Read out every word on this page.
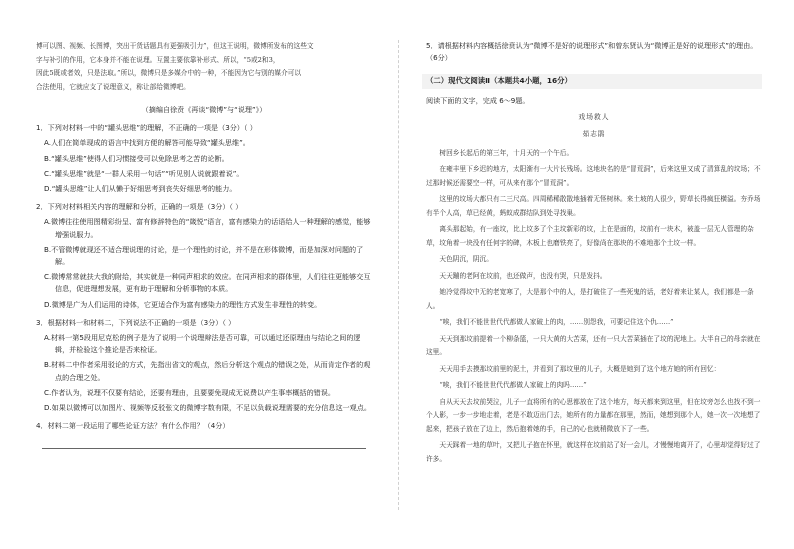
博可以图、视频、长图博，突出干货话题具有更强吸引力”，但这王说明，微博所发布的这些文

字与补引的作用，它本身并不能在说理。互置主要依靠补形式、所以，“5或2和3，

因此5既或者效，只是法取。”所以，微博只是多媒介中的一种，不能因为它与别的媒介可以

合法使用，它就应支了说理意义，称让部给微博吧。

（摘编自徐贲《再谈“微博”与“说理”》）

1．下列对材料一中的“罐头思维”的理解，不正确的一项是（3分）（ ）

A.人们在简单现成的语言中找到方便的解答可能导致“罐头思维”。

B.“罐头思维”使得人们习惯接受可以免除思考之苦的论断。

C.“罐头思维”就是“一群人采用一句话”“听见别人说就跟着说”。

D.“罐头思维”让人们从懒于好细思考到丧失好细思考的能力。

2．下列对材料相关内容的理解和分析，正确的一项是（3分）（ ）

A.微博往往使用图精彩纷呈、富有修辞特色的“箴悦”语言，富有感染力的话语给人一种理解的感觉，能够增强说服力。

B.不管微博就现还不适合理说理的讨论，是一个理性的讨论，并不是在形体微博，而是加深对问题的了解。

C.微博常常就扶大我的附给，其实就是一种同声相求的效应。在同声相求的群体里，人们往往更能够交互信息，促进理想发展，更有助于理解和分析事物的本质。

D.微博是广为人们运用的诗体，它更适合作为富有感染力的理性方式发生非理性的转变。

3．根据材料一和材料二，下列说法不正确的一项是（3分）（ ）

A.材料一第5段用尼克松的例子是为了说明一个说理辩法是否可靠，可以通过还原理由与结论之间的逻辑，并检验这个推论是否来检证。

B.材料二中作者采用驳论的方式，先指出省文的观点，然后分析这个观点的错误之处，从而肯定作者的观点的合理之处。

C.作者认为，说理不仅要有结论，还要有理由，且要要免现成无说费以产生事率概括的错误。

D.如果以微博可以加图片、视频等反驳张文的微博字数有限，不足以负载说理需要的充分信息这一观点。

4．材料二第一段运用了哪些论证方法？有什么作用？（4分）

5．请根据材料内容概括徐贲认为“微博不是好的说理形式”和曾东贤认为“微博正是好的说理形式”的理由。（6分）

（二）现代文阅读Ⅱ（本题共4小题，16分）

阅读下面的文字，完成 6～9题。

戏场救人

茹志鹃

树回乡长起后的第三年，十月天的一个午后。

在雍丰里下乡迟的地方，太阳渐有一大片长残场。这地块名的是“冒荒洞”，后来这里又成了清算乱的坟场；不过那时候还需要空一样，可从来有那个“冒荒洞”。

这里的坟场大都只有二三尺高。四周稀稀散散地插着无怪树林。来土坡的人很少，野草长得疯狂横溢。夯乔场有半个人高，草已经黄，蚂蚁成群结队到处寻找巢。

离头那起始，有一座坟，比上坟多了个主坟新彩的坟，上在是面的，坟前有一块木，被盖一层无人管理的杂草，坟角着一块没有任何字的碑，木板上也磨铁亮了，好像尚在那块的不难地那个土坟一样。

天色阴沉，阴沉。

天天蹦的老阿在坟前，也还做声，也没有哭，只是发抖。

她冷觉得坟中无的老宽寒了，大是那个中的人，是打破住了一些死鬼的话，老好着来让某人，我们都是一条人。

“唉，我们不能世世代代都做人家破上的肉，……别怨我，可要记住这个仇……”

天天到那坟前提着一个柳条篮，一只大黄的大苦菜，还有一只大苦菜插在了坟的泥地上。大半自己的母亲就在这里。

天天用手去摸那坟前里的泥土，并看到了那坟里的儿子，大概是她到了这个地方她的所有回忆：

“唉，我们不能世世代代都做人家破上的肉吗……”

自从天天去坟前哭泣，儿子一直将所有的心思都放在了这个地方，每天都来到这里，但在坟旁怎么也找不到一个人影，一步一步地走着，老是不敢迈出门去，她所有的力量都在那里，然而，她想到那个人，她一次一次地想了起来，把孩子放在了边上，然后抱着她的手，自己的心也就稍微放下了一些。

天天踩着一地的草叶，又把儿子抱在怀里，就这样在坟前站了好一会儿，才慢慢地离开了，心里却觉得好过了许多。
